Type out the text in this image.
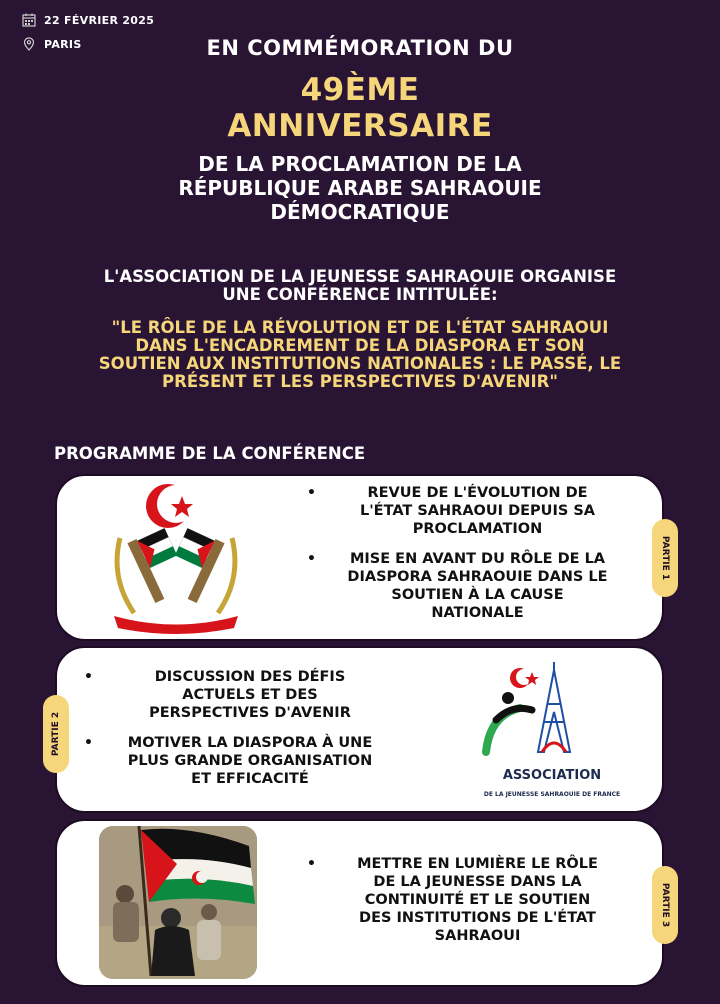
22 FÉVRIER 2025
PARIS	EN COMMÉMORATION DU
49ÈME
ANNIVERSAIRE
DE LA PROCLAMATION DE LA
RÉPUBLIQUE ARABE SAHRAOUIE
DÉMOCRATIQUE
L'ASSOCIATION DE LA JEUNESSE SAHRAOUIE ORGANISE
UNE CONFÉRENCE INTITULÉE:
"LE RÔLE DE LA RÉVOLUTION ET DE L'ÉTAT SAHRAOUI
DANS L'ENCADREMENT DE LA DIASPORA ET SON
SOUTIEN AUX INSTITUTIONS NATIONALES : LE PASSÉ, LE
PRÉSENT ET LES PERSPECTIVES D'AVENIR"
PROGRAMME DE LA CONFÉRENCE
•	REVUE DE L'ÉVOLUTION DE
L'ÉTAT SAHRAOUI DEPUIS SA
PROCLAMATION
•	MISE EN AVANT DU RÔLE DE LA
DIASPORA SAHRAOUIE DANS LE
SOUTIEN À LA CAUSE
NATIONALE
PARTIE 1
PARTIE 2
•	DISCUSSION DES DÉFIS
ACTUELS ET DES
PERSPECTIVES D'AVENIR
•	MOTIVER LA DIASPORA À UNE
PLUS GRANDE ORGANISATION
ET EFFICACITÉ	ASSOCIATION
DE LA JEUNESSE SAHRAOUIE DE FRANCE
•	METTRE EN LUMIÈRE LE RÔLE
DE LA JEUNESSE DANS LA
CONTINUITÉ ET LE SOUTIEN
DES INSTITUTIONS DE L'ÉTAT
SAHRAOUI
PARTIE 3
